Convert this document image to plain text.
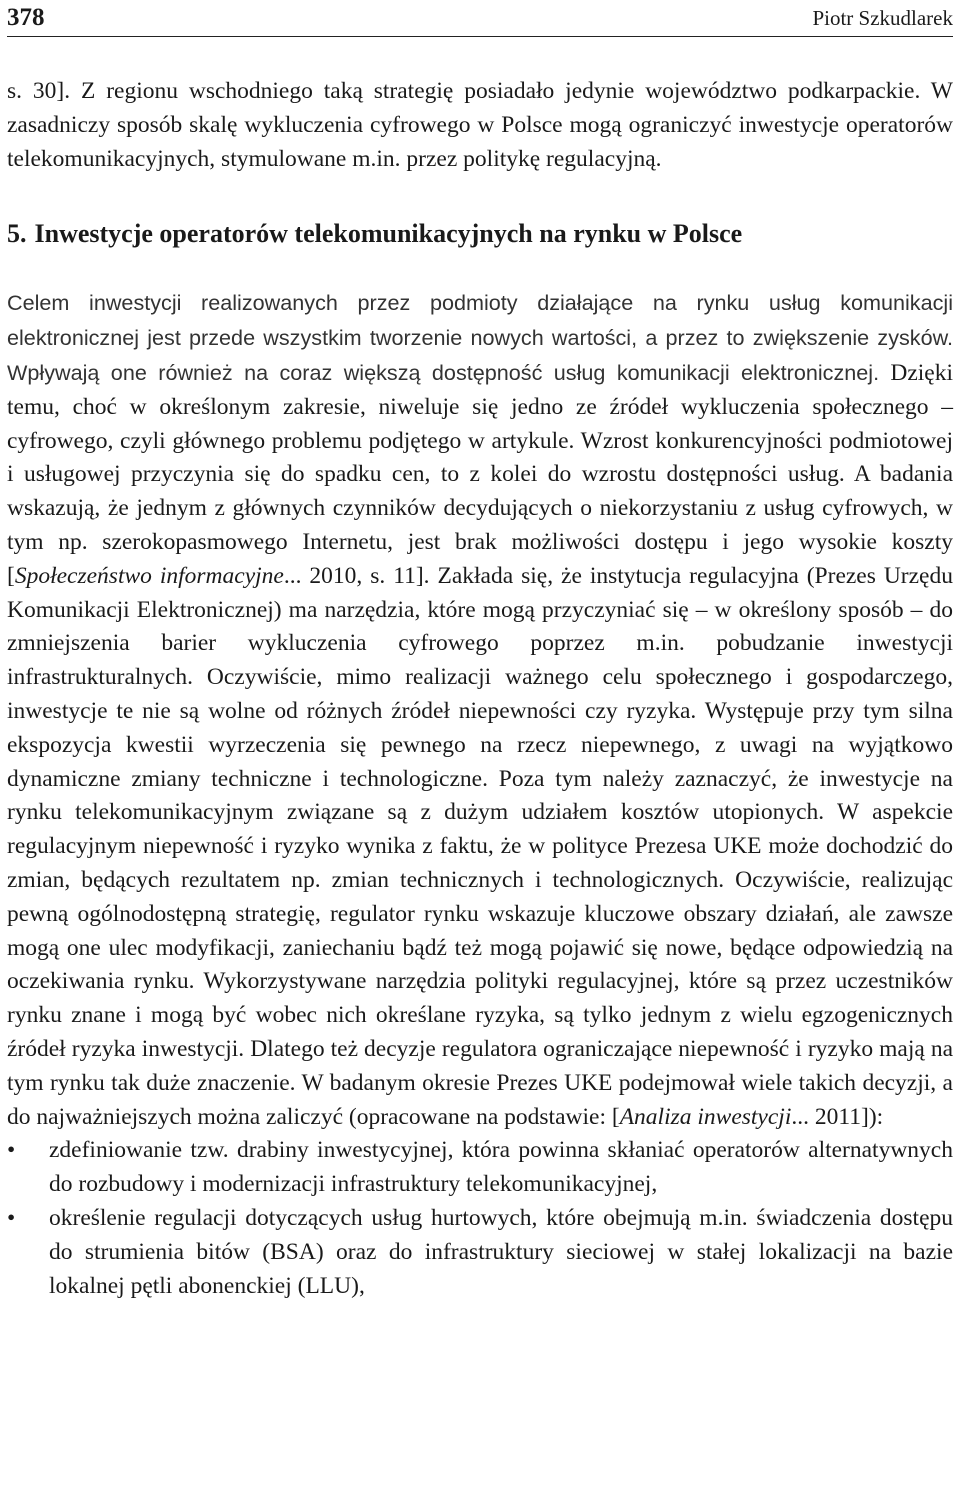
378	Piotr Szkudlarek

s. 30]. Z regionu wschodniego taką strategię posiadało jedynie województwo podkarpackie. W zasadniczy sposób skalę wykluczenia cyfrowego w Polsce mogą ograniczyć inwestycje operatorów telekomunikacyjnych, stymulowane m.in. przez politykę regulacyjną.

5. Inwestycje operatorów telekomunikacyjnych na rynku w Polsce

Celem inwestycji realizowanych przez podmioty działające na rynku usług komunikacji elektronicznej jest przede wszystkim tworzenie nowych wartości, a przez to zwiększenie zysków. Wpływają one również na coraz większą dostępność usług komunikacji elektronicznej. Dzięki temu, choć w określonym zakresie, niweluje się jedno ze źródeł wykluczenia społecznego – cyfrowego, czyli głównego problemu podjętego w artykule. Wzrost konkurencyjności podmiotowej i usługowej przyczynia się do spadku cen, to z kolei do wzrostu dostępności usług. A badania wskazują, że jednym z głównych czynników decydujących o niekorzystaniu z usług cyfrowych, w tym np. szerokopasmowego Internetu, jest brak możliwości dostępu i jego wysokie koszty [Społeczeństwo informacyjne... 2010, s. 11]. Zakłada się, że instytucja regulacyjna (Prezes Urzędu Komunikacji Elektronicznej) ma narzędzia, które mogą przyczyniać się – w określony sposób – do zmniejszenia barier wykluczenia cyfrowego poprzez m.in. pobudzanie inwestycji infrastrukturalnych. Oczywiście, mimo realizacji ważnego celu społecznego i gospodarczego, inwestycje te nie są wolne od różnych źródeł niepewności czy ryzyka. Występuje przy tym silna ekspozycja kwestii wyrzeczenia się pewnego na rzecz niepewnego, z uwagi na wyjątkowo dynamiczne zmiany techniczne i technologiczne. Poza tym należy zaznaczyć, że inwestycje na rynku telekomunikacyjnym związane są z dużym udziałem kosztów utopionych. W aspekcie regulacyjnym niepewność i ryzyko wynika z faktu, że w polityce Prezesa UKE może dochodzić do zmian, będących rezultatem np. zmian technicznych i technologicznych. Oczywiście, realizując pewną ogólnodostępną strategię, regulator rynku wskazuje kluczowe obszary działań, ale zawsze mogą one ulec modyfikacji, zaniechaniu bądź też mogą pojawić się nowe, będące odpowiedzią na oczekiwania rynku. Wykorzystywane narzędzia polityki regulacyjnej, które są przez uczestników rynku znane i mogą być wobec nich określane ryzyka, są tylko jednym z wielu egzogenicznych źródeł ryzyka inwestycji. Dlatego też decyzje regulatora ograniczające niepewność i ryzyko mają na tym rynku tak duże znaczenie. W badanym okresie Prezes UKE podejmował wiele takich decyzji, a do najważniejszych można zaliczyć (opracowane na podstawie: [Analiza inwestycji... 2011]):

• zdefiniowanie tzw. drabiny inwestycyjnej, która powinna skłaniać operatorów alternatywnych do rozbudowy i modernizacji infrastruktury telekomunikacyjnej,
• określenie regulacji dotyczących usług hurtowych, które obejmują m.in. świadczenia dostępu do strumienia bitów (BSA) oraz do infrastruktury sieciowej w stałej lokalizacji na bazie lokalnej pętli abonenckiej (LLU),
